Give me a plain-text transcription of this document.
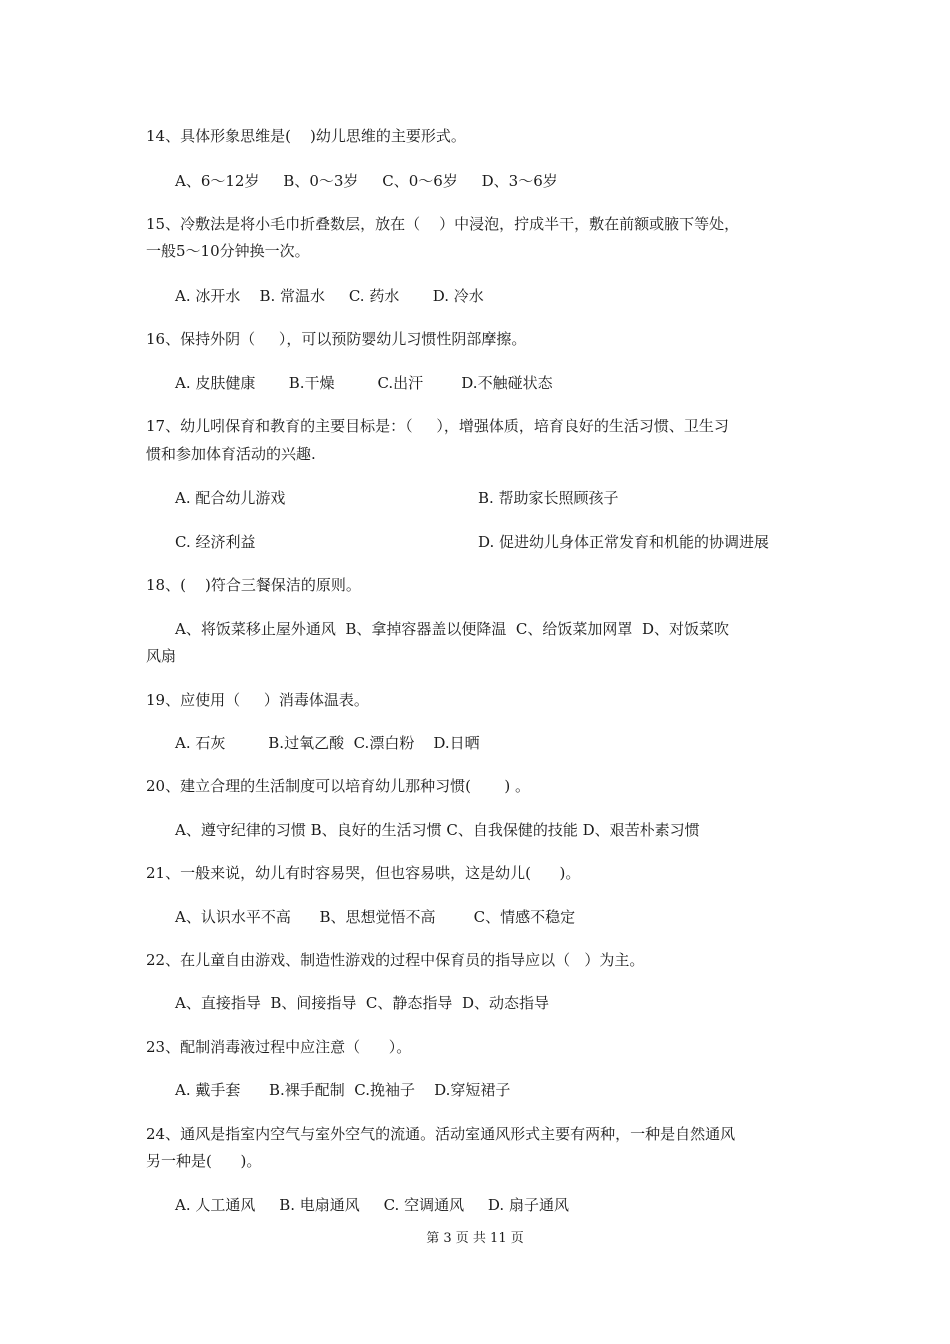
14、具体形象思维是(    )幼儿思维的主要形式。
A、6～12岁     B、0～3岁     C、0～6岁     D、3～6岁
15、冷敷法是将小毛巾折叠数层，放在（    ）中浸泡，拧成半干，敷在前额或腋下等处，
一般5～10分钟换一次。
A. 冰开水    B. 常温水     C. 药水       D. 冷水
16、保持外阴（     ），可以预防婴幼儿习惯性阴部摩擦。
A. 皮肤健康       B.干燥         C.出汗        D.不触碰状态
17、幼儿吲保育和教育的主要目标是：（     ），增强体质，培育良好的生活习惯、卫生习
惯和参加体育活动的兴趣.
A. 配合幼儿游戏	B. 帮助家长照顾孩子
C. 经济利益	D. 促进幼儿身体正常发育和机能的协调进展
18、(    )符合三餐保洁的原则。
A、将饭菜移止屋外通风  B、拿掉容器盖以便降温  C、给饭菜加网罩  D、对饭菜吹
风扇
19、应使用（     ）消毒体温表。
A. 石灰         B.过氧乙酸  C.漂白粉    D.日晒
20、建立合理的生活制度可以培育幼儿那种习惯(       ) 。
A、遵守纪律的习惯 B、良好的生活习惯 C、自我保健的技能 D、艰苦朴素习惯
21、一般来说，幼儿有时容易哭，但也容易哄，这是幼儿(      )。
A、认识水平不高      B、思想觉悟不高        C、情感不稳定
22、在儿童自由游戏、制造性游戏的过程中保育员的指导应以（   ）为主。
A、直接指导  B、间接指导  C、静态指导  D、动态指导
23、配制消毒液过程中应注意（      ）。
A. 戴手套      B.裸手配制  C.挽袖子    D.穿短裙子
24、通风是指室内空气与室外空气的流通。活动室通风形式主要有两种，一种是自然通风
另一种是(      )。
A. 人工通风     B. 电扇通风     C. 空调通风     D. 扇子通风
第 3 页 共 11 页
